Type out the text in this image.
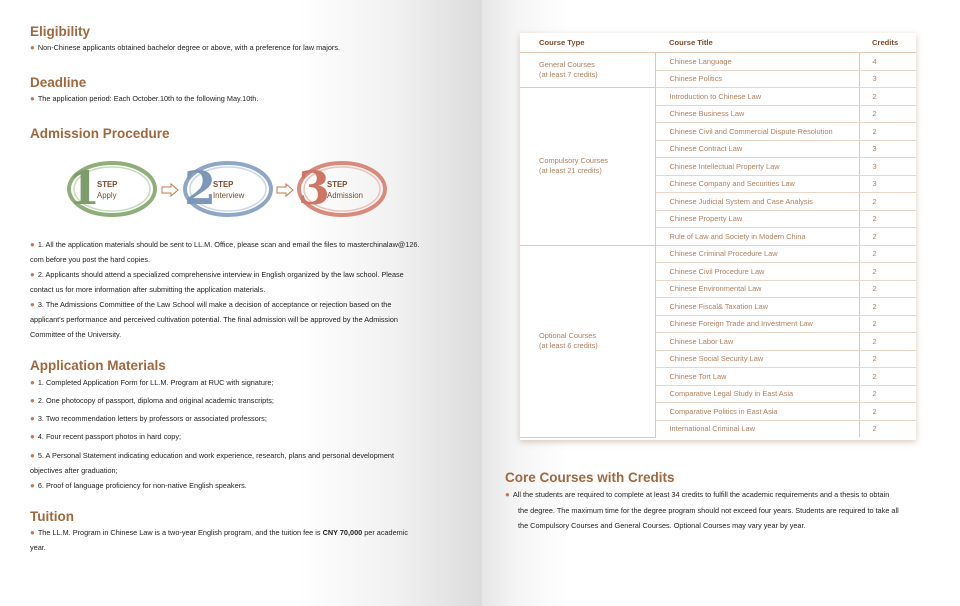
Eligibility

● Non-Chinese applicants obtained bachelor degree or above, with a preference for law majors.

Deadline

● The application period: Each October.10th to the following May.10th.

Admission Procedure
1
STEP
Apply 2
STEP
Interview 3
STEP
Admission

● 1. All the application materials should be sent to LL.M. Office, please scan and email the files to masterchinalaw@126.

com before you post the hard copies.

● 2. Applicants should attend a specialized comprehensive interview in English organized by the law school. Please

contact us for more information after submitting the application materials.

● 3. The Admissions Committee of the Law School will make a decision of acceptance or rejection based on the

applicant's performance and perceived cultivation potential. The final admission will be approved by the Admission

Committee of the University.

Application Materials

● 1. Completed Application Form for LL.M. Program at RUC with signature;

● 2. One photocopy of passport, diploma and original academic transcripts;

● 3. Two recommendation letters by professors or associated professors;

● 4. Four recent passport photos in hard copy;

● 5. A Personal Statement indicating education and work experience, research, plans and personal development

objectives after graduation;

● 6. Proof of language proficiency for non-native English speakers.

Tuition

● The LL.M. Program in Chinese Law is a two-year English program, and the tuition fee is CNY 70,000 per academic

year.

Course Type	Course Title	Credits

General Courses
(at least 7 credits)	Chinese Language	4
	Chinese Politics	3

Compulsory Courses
(at least 21 credits)	Introduction to Chinese Law	2
	Chinese Business Law	2
	Chinese Civil and Commercial Dispute Resolution	2
	Chinese Contract Law	3
	Chinese Intellectual Property Law	3
	Chinese Company and Securities Law	3
	Chinese Judicial System and Case Analysis	2
	Chinese Property Law	2
	Rule of Law and Society in Modern China	2

Optional Courses
(at least 6 credits)	Chinese Criminal Procedure Law	2
	Chinese Civil Procedure Law	2
	Chinese Environmental Law	2
	Chinese Fiscal& Taxation Law	2
	Chinese Foreign Trade and Investment Law	2
	Chinese Labor Law	2
	Chinese Social Security Law	2
	Chinese Tort Law	2
	Comparative Legal Study in East Asia	2
	Comparative Politics in East Asia	2
	International Criminal Law	2
Core Courses with Credits

● All the students are required to complete at least 34 credits to fulfill the academic requirements and a thesis to obtain

the degree. The maximum time for the degree program should not exceed four years. Students are required to take all

the Compulsory Courses and General Courses. Optional Courses may vary year by year.
